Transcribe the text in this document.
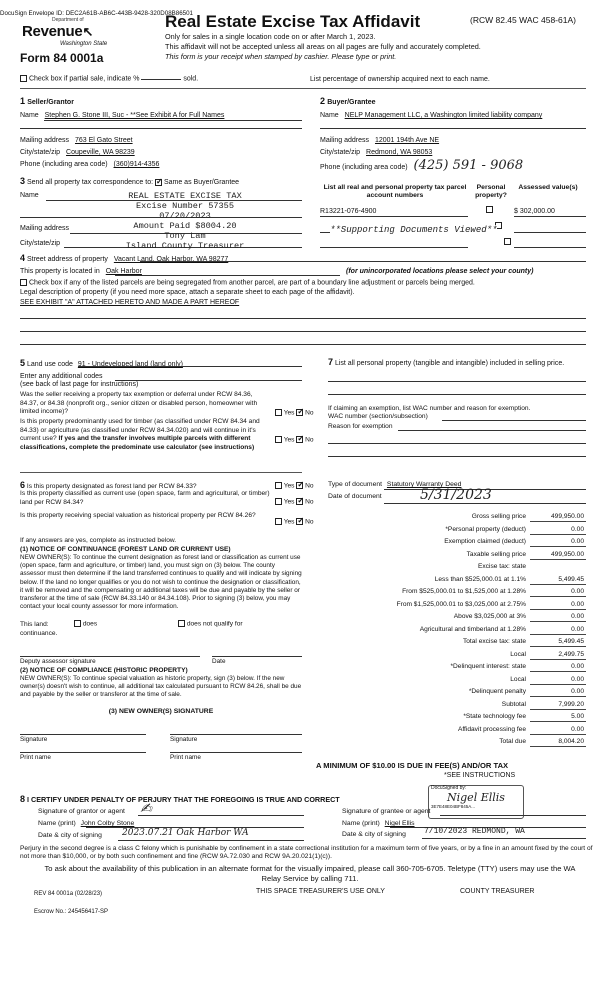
DocuSign Envelope ID: DEC2A61B-AB6C-443B-9428-320D08B86501
Department of
Revenue↖
Washington State
Form 84 0001a
Real Estate Excise Tax Affidavit	(RCW 82.45 WAC 458-61A)
Only for sales in a single location code on or after March 1, 2023.
This affidavit will not be accepted unless all areas on all pages are fully and accurately completed.
This form is your receipt when stamped by cashier. Please type or print.
Check box if partial sale, indicate %	sold.	List percentage of ownership acquired next to each name.
1 Seller/Grantor
Name Stephen G. Stone III, Suc - **See Exhibit A for Full Names
Mailing address 763 El Gato Street
City/state/zip Coupeville, WA 98239
Phone (including area code) (360)914-4356
2 Buyer/Grantee
Name NELP Management LLC, a Washington limited liability company
Mailing address 12001 194th Ave NE
City/state/zip Redmond, WA 98053
Phone (including area code) (425) 591 - 9068
3 Send all property tax correspondence to: ✓ Same as Buyer/Grantee
Name
Mailing address
City/state/zip
REAL ESTATE EXCISE TAX
Excise Number 57355
07/20/2023
Amount Paid $8004.20
Tony Lam
Island County Treasurer
List all real and personal property tax parcel account numbers
Personal property?
Assessed value(s)
R13221-076-4900
	$ 302,000.00
**Supporting Documents Viewed**
4 Street address of property Vacant Land, Oak Harbor, WA 98277
This property is located in Oak Harbor	(for unincorporated locations please select your county)
Check box if any of the listed parcels are being segregated from another parcel, are part of a boundary line adjustment or parcels being merged.
Legal description of property (if you need more space, attach a separate sheet to each page of the affidavit).
SEE EXHIBIT "A" ATTACHED HERETO AND MADE A PART HEREOF
5 Land use code 91 - Undeveloped land (land only)
Enter any additional codes
(see back of last page for instructions)
Was the seller receiving a property tax exemption or deferral under RCW 84.36, 84.37, or 84.38 (nonprofit org., senior citizen or disabled person, homeowner with limited income)?	Yes ✓ No
Is this property predominantly used for timber (as classified under RCW 84.34 and 84.33) or agriculture (as classified under RCW 84.34.020) and will continue in it's current use? If yes and the transfer involves multiple parcels with different classifications, complete the predominate use calculator (see instructions)
Yes ✓ No
7 List all personal property (tangible and intangible) included in selling price.
If claiming an exemption, list WAC number and reason for exemption.
WAC number (section/subsection)
Reason for exemption
6 Is this property designated as forest land per RCW 84.33?	Yes ✓ No
Is this property classified as current use (open space, farm and agricultural, or timber) land per RCW 84.34?	Yes ✓ No
Is this property receiving special valuation as historical property per RCW 84.26?
Yes ✓ No
If any answers are yes, complete as instructed below.
(1) NOTICE OF CONTINUANCE (FOREST LAND OR CURRENT USE)
NEW OWNER(S): To continue the current designation as forest land or classification as current use (open space, farm and agriculture, or timber) land, you must sign on (3) below. The county assessor must then determine if the land transferred continues to qualify and will indicate by signing below. If the land no longer qualifies or you do not wish to continue the designation or classification, it will be removed and the compensating or additional taxes will be due and payable by the seller or transferor at the time of sale (RCW 84.33.140 or 84.34.108). Prior to signing (3) below, you may contact your local county assessor for more information.
This land:	does	does not qualify for
continuance.
Deputy assessor signature	Date
(2) NOTICE OF COMPLIANCE (HISTORIC PROPERTY)
NEW OWNER(S): To continue special valuation as historic property, sign (3) below. If the new owner(s) doesn't wish to continue, all additional tax calculated pursuant to RCW 84.26, shall be due and payable by the seller or transferor at the time of sale.
(3) NEW OWNER(S) SIGNATURE
Signature	Signature
Print name	Print name
Type of document Statutory Warranty Deed
Date of document	5/31/2023
Gross selling price	499,950.00
*Personal property (deduct)	0.00
Exemption claimed (deduct)	0.00
Taxable selling price	499,950.00
Excise tax: state
Less than $525,000.01 at 1.1%	5,499.45
From $525,000.01 to $1,525,000 at 1.28%	0.00
From $1,525,000.01 to $3,025,000 at 2.75%	0.00
Above $3,025,000 at 3%	0.00
Agricultural and timberland at 1.28%	0.00
Total excise tax: state	5,499.45
Local	2,499.75
*Delinquent interest: state	0.00
Local	0.00
*Delinquent penalty	0.00
Subtotal	7,999.20
*State technology fee	5.00
Affidavit processing fee	0.00
Total due	8,004.20
A MINIMUM OF $10.00 IS DUE IN FEE(S) AND/OR TAX
*SEE INSTRUCTIONS
8 I CERTIFY UNDER PENALTY OF PERJURY THAT THE FOREGOING IS TRUE AND CORRECT
Signature of grantor or agent ✍︎
Name (print) John Colby Stone
Date & city of signing 2023.07.21 Oak Harbor WA
DocuSigned by:
Nigel Ellis
3E7E48E04BF845A...
Signature of grantee or agent
Name (print) Nigel Ellis
Date & city of signing 7/10/2023 REDMOND, WA
Perjury in the second degree is a class C felony which is punishable by confinement in a state correctional institution for a maximum term of five years, or by a fine in an amount fixed by the court of not more than $10,000, or by both such confinement and fine (RCW 9A.72.030 and RCW 9A.20.021(1)(c)).
To ask about the availability of this publication in an alternate format for the visually impaired, please call 360-705-6705. Teletype (TTY) users may use the WA Relay Service by calling 711.
REV 84 0001a (02/28/23)	THIS SPACE TREASURER'S USE ONLY	COUNTY TREASURER
Escrow No.: 245456417-SP
